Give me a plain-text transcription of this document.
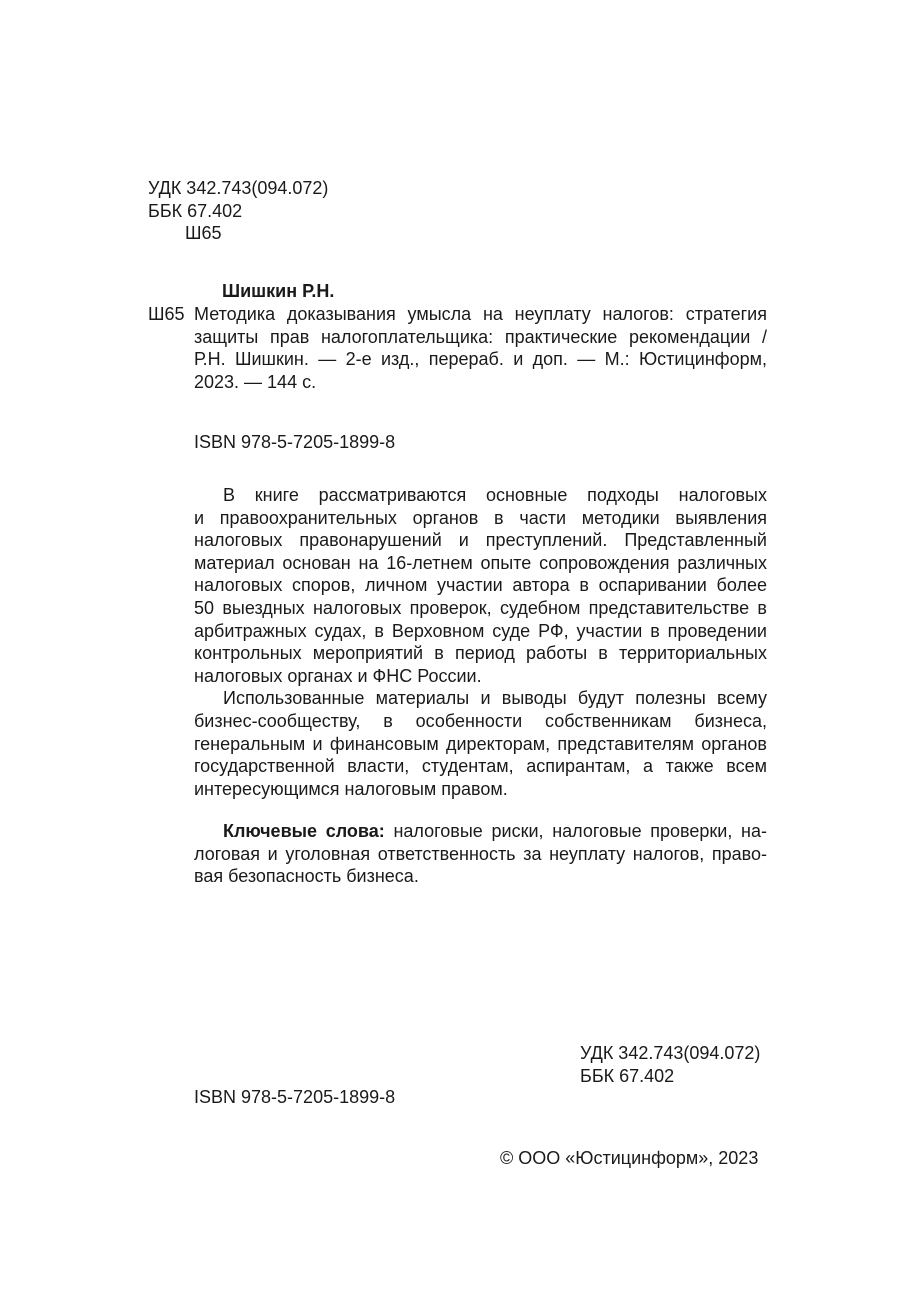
УДК 342.743(094.072)
ББК 67.402
Ш65
Шишкин Р.Н.
Ш65 Методика доказывания умысла на неуплату налогов: стратегия
защиты прав налогоплательщика: практические рекомендации /
Р.Н. Шишкин. — 2-е изд., перераб. и доп. — М.: Юстицинформ,
2023. — 144 с.
ISBN 978-5-7205-1899-8
В книге рассматриваются основные подходы налоговых
и правоохранительных органов в части методики выявления
налоговых правонарушений и преступлений. Представленный
материал основан на 16-летнем опыте сопровождения различных
налоговых споров, личном участии автора в оспаривании более
50 выездных налоговых проверок, судебном представительстве в
арбитражных судах, в Верховном суде РФ, участии в проведении
контрольных мероприятий в период работы в территориальных
налоговых органах и ФНС России.
Использованные материалы и выводы будут полезны всему
бизнес-сообществу, в особенности собственникам бизнеса,
генеральным и финансовым директорам, представителям органов
государственной власти, студентам, аспирантам, а также всем
интересующимся налоговым правом.
Ключевые слова: налоговые риски, налоговые проверки, на-
логовая и уголовная ответственность за неуплату налогов, право-
вая безопасность бизнеса.
УДК 342.743(094.072)
ББК 67.402
ISBN 978-5-7205-1899-8
© ООО «Юстицинформ», 2023
